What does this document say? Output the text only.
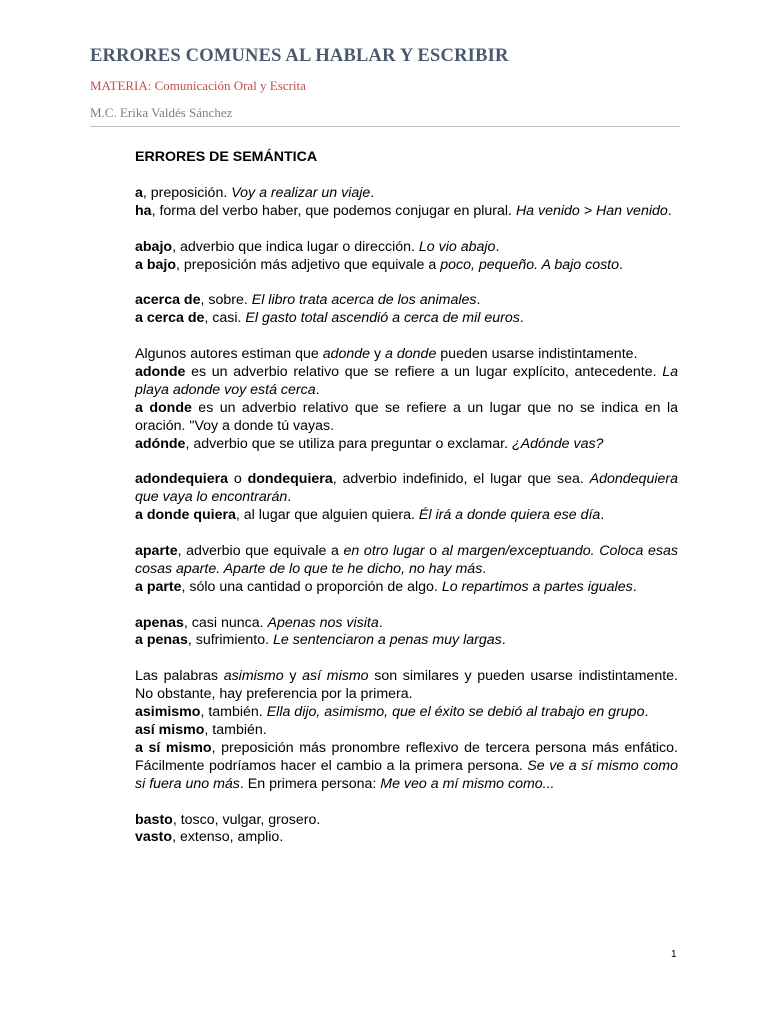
ERRORES COMUNES AL HABLAR Y ESCRIBIR
MATERIA: Comunicación Oral y Escrita
M.C. Erika Valdés Sánchez
ERRORES DE SEMÁNTICA

a, preposición. Voy a realizar un viaje.

ha, forma del verbo haber, que podemos conjugar en plural. Ha venido > Han venido.

abajo, adverbio que indica lugar o dirección. Lo vio abajo.

a bajo, preposición más adjetivo que equivale a poco, pequeño. A bajo costo.

acerca de, sobre. El libro trata acerca de los animales.

a cerca de, casi. El gasto total ascendió a cerca de mil euros.

Algunos autores estiman que adonde y a donde pueden usarse indistintamente.

adonde es un adverbio relativo que se refiere a un lugar explícito, antecedente. La playa adonde voy está cerca.

a donde es un adverbio relativo que se refiere a un lugar que no se indica en la oración. "Voy a donde tú vayas.

adónde, adverbio que se utiliza para preguntar o exclamar. ¿Adónde vas?

adondequiera o dondequiera, adverbio indefinido, el lugar que sea. Adondequiera que vaya lo encontrarán.

a donde quiera, al lugar que alguien quiera. Él irá a donde quiera ese día.

aparte, adverbio que equivale a en otro lugar o al margen/exceptuando. Coloca esas cosas aparte. Aparte de lo que te he dicho, no hay más.

a parte, sólo una cantidad o proporción de algo. Lo repartimos a partes iguales.

apenas, casi nunca. Apenas nos visita.

a penas, sufrimiento. Le sentenciaron a penas muy largas.

Las palabras asimismo y así mismo son similares y pueden usarse indistintamente. No obstante, hay preferencia por la primera.

asimismo, también. Ella dijo, asimismo, que el éxito se debió al trabajo en grupo.

así mismo, también.

a sí mismo, preposición más pronombre reflexivo de tercera persona más enfático. Fácilmente podríamos hacer el cambio a la primera persona. Se ve a sí mismo como si fuera uno más. En primera persona: Me veo a mí mismo como...

basto, tosco, vulgar, grosero.

vasto, extenso, amplio.

1
